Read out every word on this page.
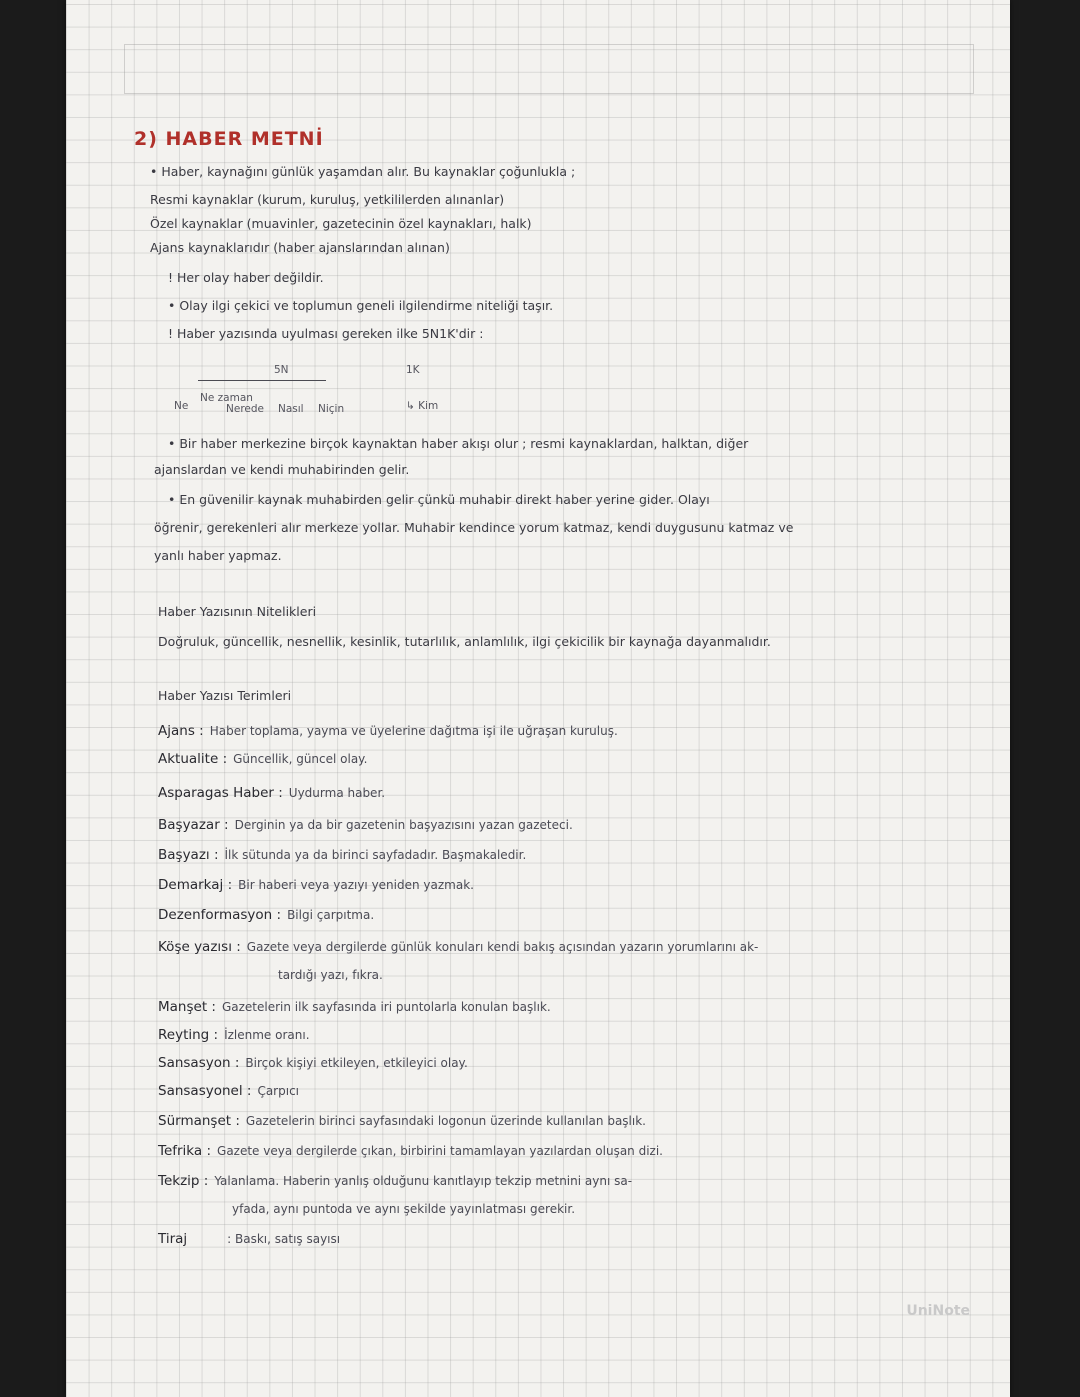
2) HABER METNİ
• Haber, kaynağını günlük yaşamdan alır. Bu kaynaklar çoğunlukla ;
Resmi kaynaklar (kurum, kuruluş, yetkililerden alınanlar)
Özel kaynaklar (muavinler, gazetecinin özel kaynakları, halk)
Ajans kaynaklarıdır (haber ajanslarından alınan)
! Her olay haber değildir.
• Olay ilgi çekici ve toplumun geneli ilgilendirme niteliği taşır.
! Haber yazısında uyulması gereken ilke 5N1K'dir :
5N	1K
Ne
Ne zaman
Nerede Nasıl Niçin	↳ Kim
• Bir haber merkezine birçok kaynaktan haber akışı olur ; resmi kaynaklardan, halktan, diğer
ajanslardan ve kendi muhabirinden gelir.
• En güvenilir kaynak muhabirden gelir çünkü muhabir direkt haber yerine gider. Olayı
öğrenir, gerekenleri alır merkeze yollar. Muhabir kendince yorum katmaz, kendi duygusunu katmaz ve
yanlı haber yapmaz.
Haber Yazısının Nitelikleri
Doğruluk, güncellik, nesnellik, kesinlik, tutarlılık, anlamlılık, ilgi çekicilik bir kaynağa dayanmalıdır.
Haber Yazısı Terimleri
Ajans : Haber toplama, yayma ve üyelerine dağıtma işi ile uğraşan kuruluş.
Aktualite : Güncellik, güncel olay.
Asparagas Haber : Uydurma haber.
Başyazar : Derginin ya da bir gazetenin başyazısını yazan gazeteci.
Başyazı : İlk sütunda ya da birinci sayfadadır. Başmakaledir.
Demarkaj : Bir haberi veya yazıyı yeniden yazmak.
Dezenformasyon : Bilgi çarpıtma.
Köşe yazısı : Gazete veya dergilerde günlük konuları kendi bakış açısından yazarın yorumlarını ak-
tardığı yazı, fıkra.
Manşet : Gazetelerin ilk sayfasında iri puntolarla konulan başlık.
Reyting : İzlenme oranı.
Sansasyon : Birçok kişiyi etkileyen, etkileyici olay.
Sansasyonel : Çarpıcı
Sürmanşet : Gazetelerin birinci sayfasındaki logonun üzerinde kullanılan başlık.
Tefrika : Gazete veya dergilerde çıkan, birbirini tamamlayan yazılardan oluşan dizi.
Tekzip : Yalanlama. Haberin yanlış olduğunu kanıtlayıp tekzip metnini aynı sa-
yfada, aynı puntoda ve aynı şekilde yayınlatması gerekir.
Tiraj	: Baskı, satış sayısı
UniNote
